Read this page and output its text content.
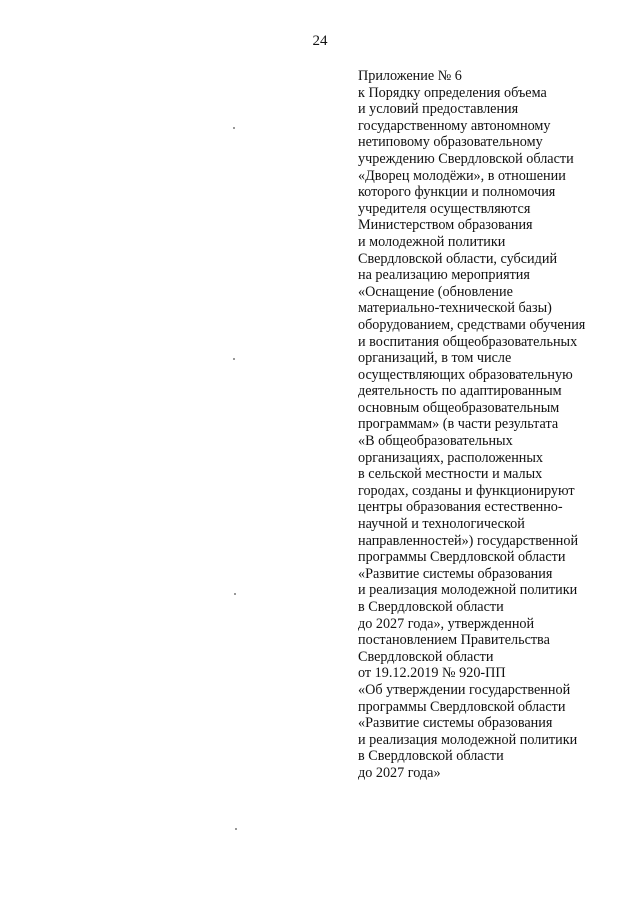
24
Приложение № 6
к Порядку определения объема
и условий предоставления
государственному автономному
нетиповому образовательному
учреждению Свердловской области
«Дворец молодёжи», в отношении
которого функции и полномочия
учредителя осуществляются
Министерством образования
и молодежной политики
Свердловской области, субсидий
на реализацию мероприятия
«Оснащение (обновление
материально-технической базы)
оборудованием, средствами обучения
и воспитания общеобразовательных
организаций, в том числе
осуществляющих образовательную
деятельность по адаптированным
основным общеобразовательным
программам» (в части результата
«В общеобразовательных
организациях, расположенных
в сельской местности и малых
городах, созданы и функционируют
центры образования естественно-
научной и технологической
направленностей») государственной
программы Свердловской области
«Развитие системы образования
и реализация молодежной политики
в Свердловской области
до 2027 года», утвержденной
постановлением Правительства
Свердловской области
от 19.12.2019 № 920-ПП
«Об утверждении государственной
программы Свердловской области
«Развитие системы образования
и реализация молодежной политики
в Свердловской области
до 2027 года»
